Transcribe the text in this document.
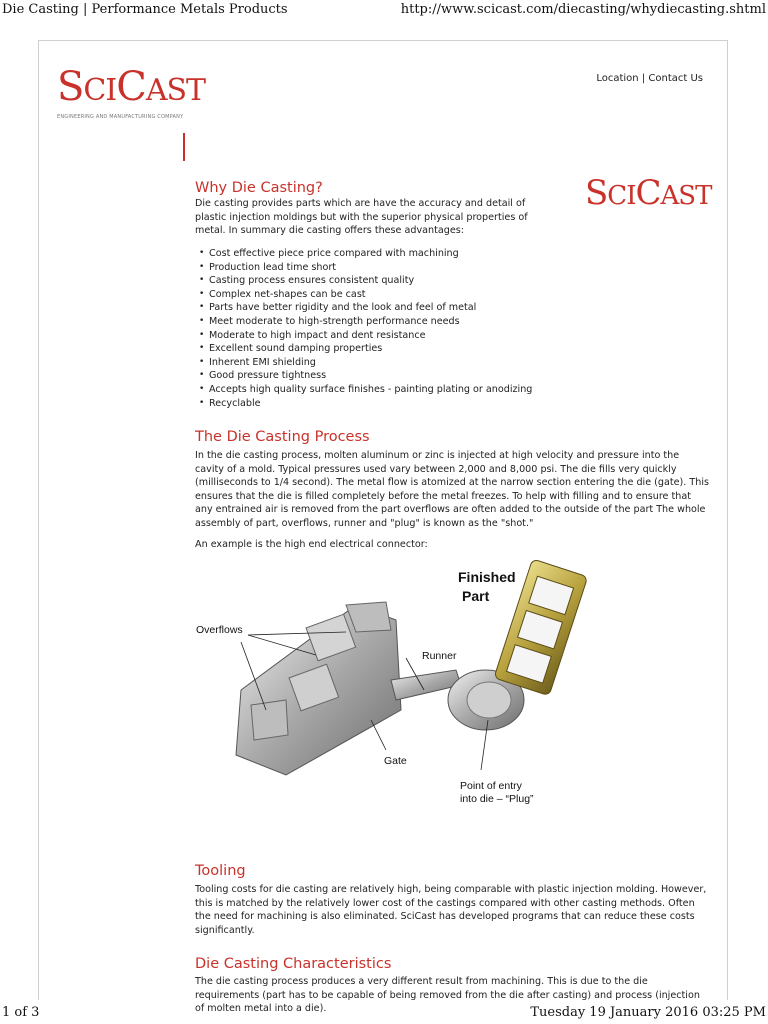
Die Casting | Performance Metals Products	http://www.scicast.com/diecasting/whydiecasting.shtml
SCICAST
ENGINEERING AND MANUFACTURING COMPANY
Location | Contact Us
SCICAST
Why Die Casting?

Die casting provides parts which are have the accuracy and detail of plastic injection moldings but with the superior physical properties of metal. In summary die casting offers these advantages:

• Cost effective piece price compared with machining
• Production lead time short
• Casting process ensures consistent quality
• Complex net-shapes can be cast
• Parts have better rigidity and the look and feel of metal
• Meet moderate to high-strength performance needs
• Moderate to high impact and dent resistance
• Excellent sound damping properties
• Inherent EMI shielding
• Good pressure tightness
• Accepts high quality surface finishes - painting plating or anodizing
• Recyclable
The Die Casting Process

In the die casting process, molten aluminum or zinc is injected at high velocity and pressure into the cavity of a mold. Typical pressures used vary between 2,000 and 8,000 psi. The die fills very quickly (milliseconds to 1/4 second). The metal flow is atomized at the narrow section entering the die (gate). This ensures that the die is filled completely before the metal freezes. To help with filling and to ensure that any entrained air is removed from the part overflows are often added to the outside of the part The whole assembly of part, overflows, runner and "plug" is known as the "shot."

An example is the high end electrical connector:

Tooling

Tooling costs for die casting are relatively high, being comparable with plastic injection molding. However, this is matched by the relatively lower cost of the castings compared with other casting methods. Often the need for machining is also eliminated. SciCast has developed programs that can reduce these costs significantly.

Die Casting Characteristics

The die casting process produces a very different result from machining. This is due to the die requirements (part has to be capable of being removed from the die after casting) and process (injection of molten metal into a die).

Overflows
Runner
Gate
Point of entry
into die – “Plug”
Finished
Part
1 of 3	Tuesday 19 January 2016 03:25 PM
